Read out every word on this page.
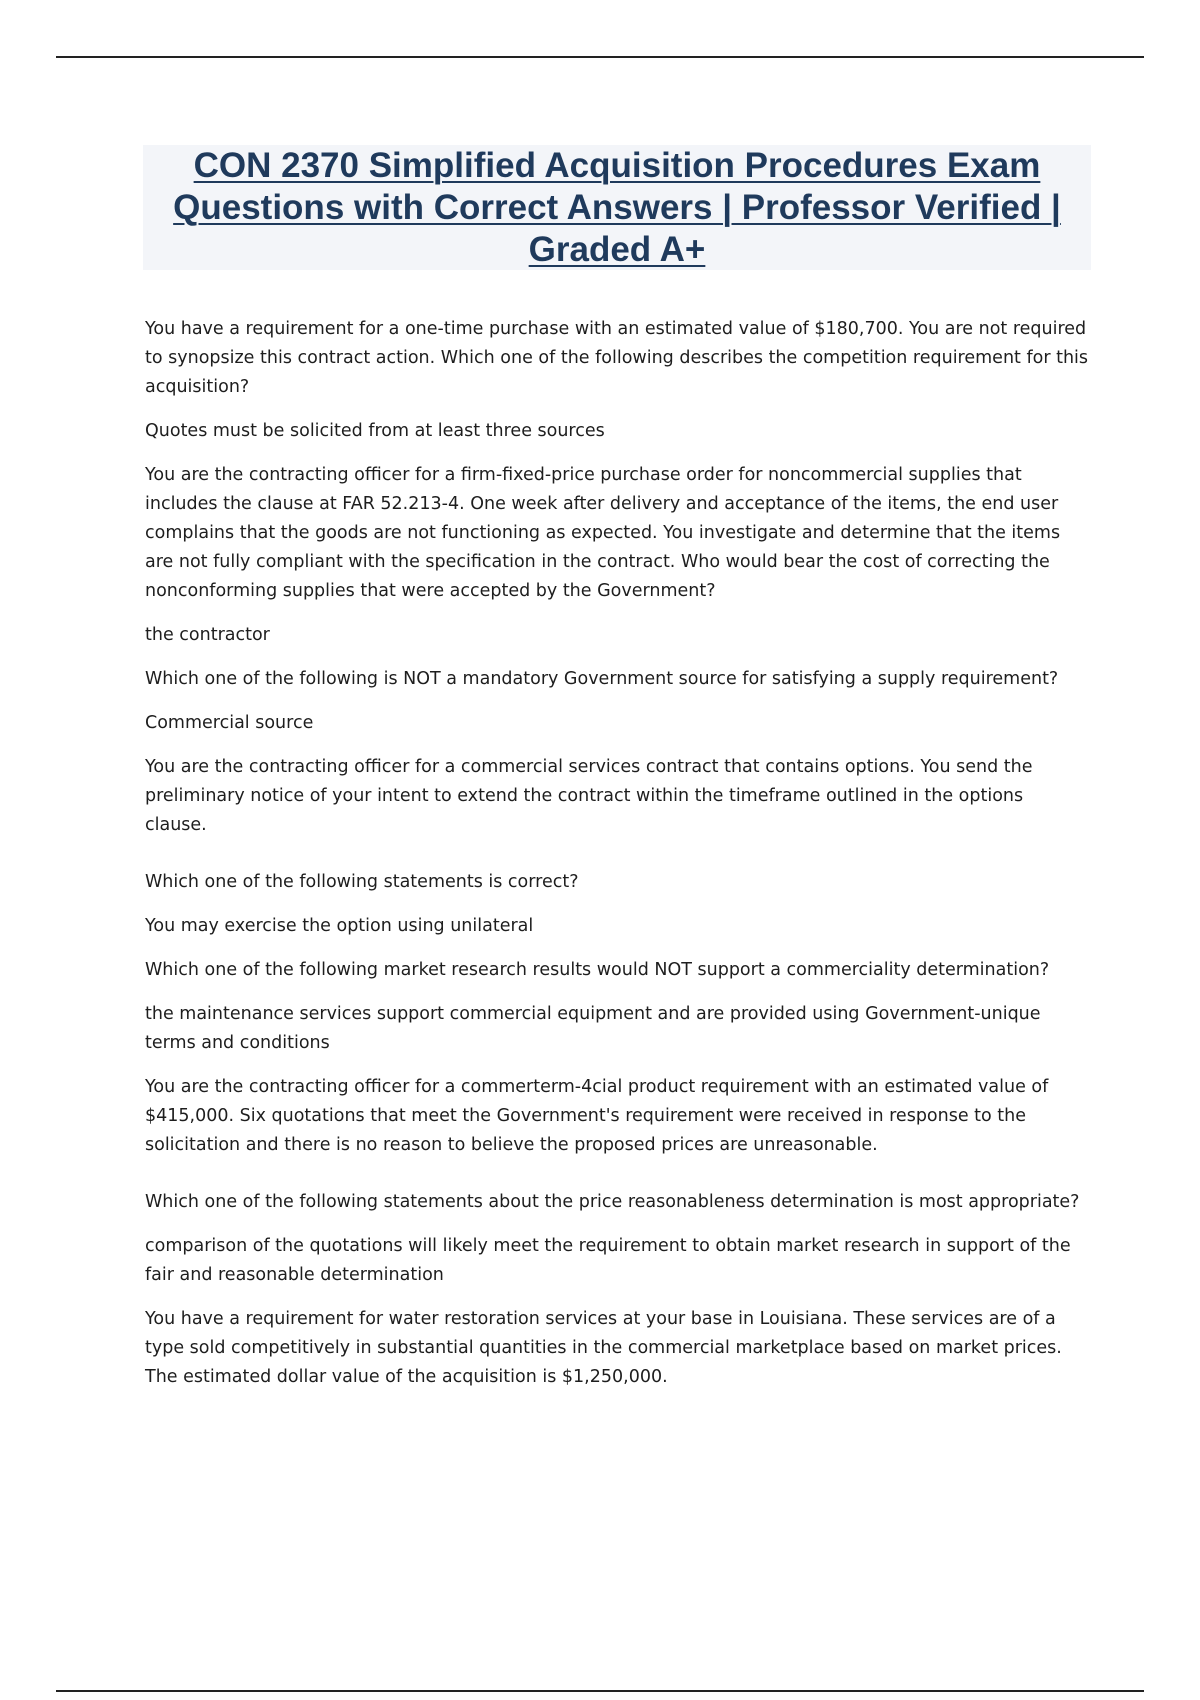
CON 2370 Simplified Acquisition Procedures Exam Questions with Correct Answers | Professor Verified | Graded A+

You have a requirement for a one-time purchase with an estimated value of $180,700. You are not required to synopsize this contract action. Which one of the following describes the competition requirement for this acquisition?

Quotes must be solicited from at least three sources

You are the contracting officer for a firm-fixed-price purchase order for noncommercial supplies that includes the clause at FAR 52.213-4. One week after delivery and acceptance of the items, the end user complains that the goods are not functioning as expected. You investigate and determine that the items are not fully compliant with the specification in the contract. Who would bear the cost of correcting the nonconforming supplies that were accepted by the Government?

the contractor

Which one of the following is NOT a mandatory Government source for satisfying a supply requirement?

Commercial source

You are the contracting officer for a commercial services contract that contains options. You send the preliminary notice of your intent to extend the contract within the timeframe outlined in the options clause.

Which one of the following statements is correct?

You may exercise the option using unilateral

Which one of the following market research results would NOT support a commerciality determination?

the maintenance services support commercial equipment and are provided using Government-unique terms and conditions

You are the contracting officer for a commerterm-4cial product requirement with an estimated value of $415,000. Six quotations that meet the Government's requirement were received in response to the solicitation and there is no reason to believe the proposed prices are unreasonable.

Which one of the following statements about the price reasonableness determination is most appropriate?

comparison of the quotations will likely meet the requirement to obtain market research in support of the fair and reasonable determination

You have a requirement for water restoration services at your base in Louisiana. These services are of a type sold competitively in substantial quantities in the commercial marketplace based on market prices. The estimated dollar value of the acquisition is $1,250,000.
